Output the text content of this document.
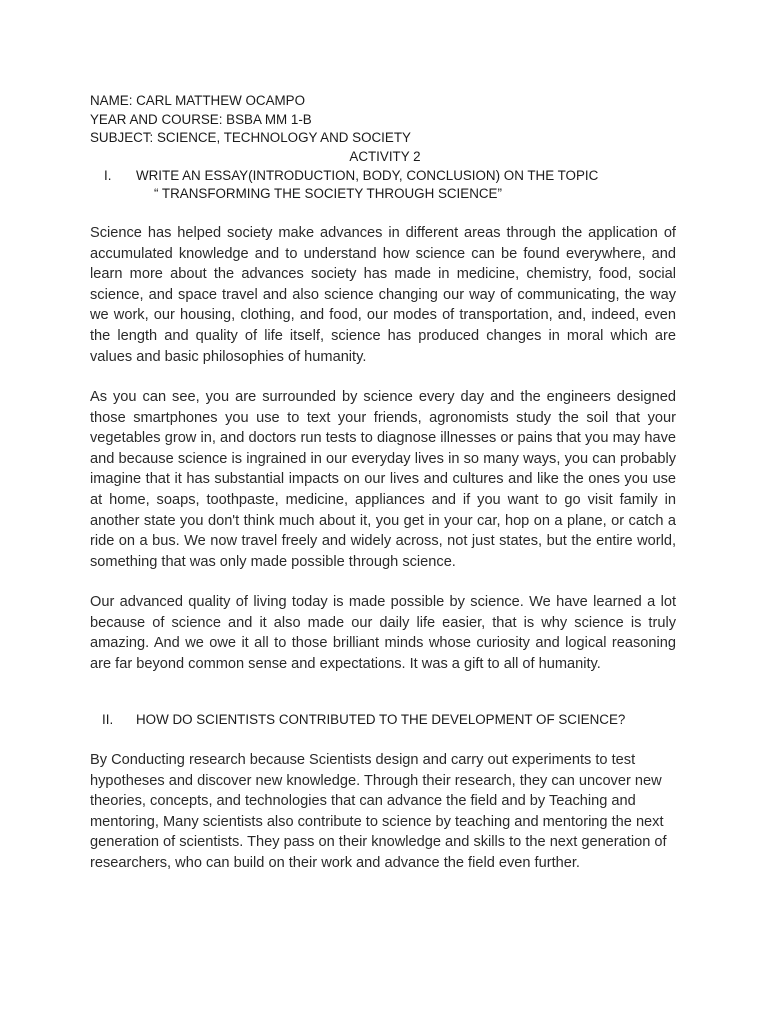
NAME: CARL MATTHEW OCAMPO
YEAR AND COURSE: BSBA MM 1-B
SUBJECT: SCIENCE, TECHNOLOGY AND SOCIETY
ACTIVITY 2
I. WRITE AN ESSAY(INTRODUCTION, BODY, CONCLUSION) ON THE TOPIC
“ TRANSFORMING THE SOCIETY THROUGH SCIENCE”
Science has helped society make advances in different areas through the application of accumulated knowledge and to understand how science can be found everywhere, and learn more about the advances society has made in medicine, chemistry, food, social science, and space travel and also science changing our way of communicating, the way we work, our housing, clothing, and food, our modes of transportation, and, indeed, even the length and quality of life itself, science has produced changes in moral which are values and basic philosophies of humanity.
As you can see, you are surrounded by science every day and the engineers designed those smartphones you use to text your friends, agronomists study the soil that your vegetables grow in, and doctors run tests to diagnose illnesses or pains that you may have and because science is ingrained in our everyday lives in so many ways, you can probably imagine that it has substantial impacts on our lives and cultures and like the ones you use at home, soaps, toothpaste, medicine, appliances and if you want to go visit family in another state you don't think much about it, you get in your car, hop on a plane, or catch a ride on a bus. We now travel freely and widely across, not just states, but the entire world, something that was only made possible through science.
Our advanced quality of living today is made possible by science. We have learned a lot because of science and it also made our daily life easier, that is why science is truly amazing. And we owe it all to those brilliant minds whose curiosity and logical reasoning are far beyond common sense and expectations. It was a gift to all of humanity.
II. HOW DO SCIENTISTS CONTRIBUTED TO THE DEVELOPMENT OF SCIENCE?
By Conducting research because Scientists design and carry out experiments to test hypotheses and discover new knowledge. Through their research, they can uncover new theories, concepts, and technologies that can advance the field and by Teaching and mentoring, Many scientists also contribute to science by teaching and mentoring the next generation of scientists. They pass on their knowledge and skills to the next generation of researchers, who can build on their work and advance the field even further.
